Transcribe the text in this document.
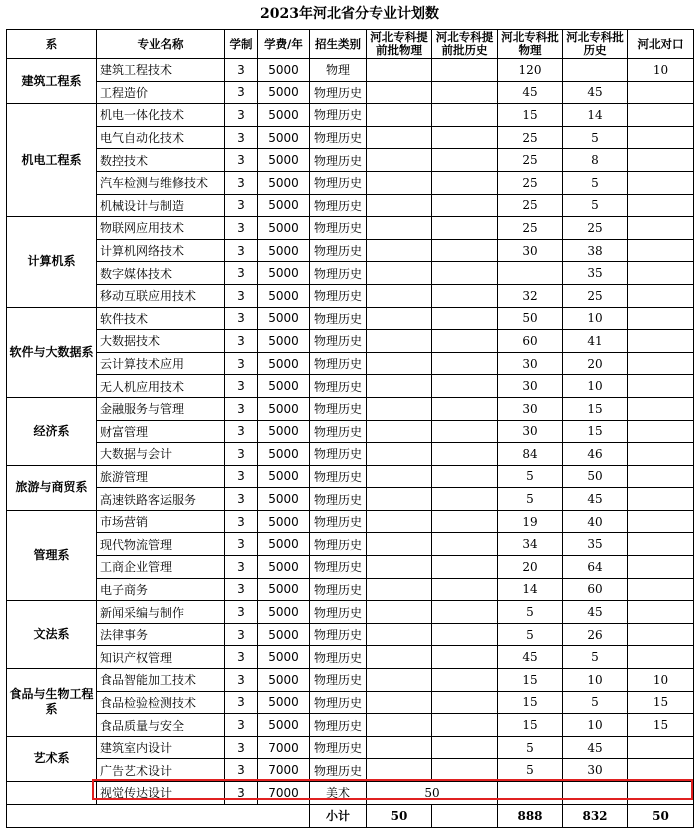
2023年河北省分专业计划数
系	专业名称	学制	学费/年	招生类别	河北专科提前批物理	河北专科提前批历史	河北专科批物理	河北专科批历史	河北对口
建筑工程系	建筑工程技术	3	5000	物理			120		10
	工程造价	3	5000	物理历史			45	45	
机电工程系	机电一体化技术	3	5000	物理历史			15	14	
	电气自动化技术	3	5000	物理历史			25	5	
	数控技术	3	5000	物理历史			25	8	
	汽车检测与维修技术	3	5000	物理历史			25	5	
	机械设计与制造	3	5000	物理历史			25	5	
计算机系	物联网应用技术	3	5000	物理历史			25	25	
	计算机网络技术	3	5000	物理历史			30	38	
	数字媒体技术	3	5000	物理历史				35	
	移动互联应用技术	3	5000	物理历史			32	25	
软件与大数据系	软件技术	3	5000	物理历史			50	10	
	大数据技术	3	5000	物理历史			60	41	
	云计算技术应用	3	5000	物理历史			30	20	
	无人机应用技术	3	5000	物理历史			30	10	
经济系	金融服务与管理	3	5000	物理历史			30	15	
	财富管理	3	5000	物理历史			30	15	
	大数据与会计	3	5000	物理历史			84	46	
旅游与商贸系	旅游管理	3	5000	物理历史			5	50	
	高速铁路客运服务	3	5000	物理历史			5	45	
管理系	市场营销	3	5000	物理历史			19	40	
	现代物流管理	3	5000	物理历史			34	35	
	工商企业管理	3	5000	物理历史			20	64	
	电子商务	3	5000	物理历史			14	60	
文法系	新闻采编与制作	3	5000	物理历史			5	45	
	法律事务	3	5000	物理历史			5	26	
	知识产权管理	3	5000	物理历史			45	5	
食品与生物工程系	食品智能加工技术	3	5000	物理历史			15	10	10
	食品检验检测技术	3	5000	物理历史			15	5	15
	食品质量与安全	3	5000	物理历史			15	10	15
艺术系	建筑室内设计	3	7000	物理历史			5	45	
	广告艺术设计	3	7000	物理历史			5	30	
	视觉传达设计	3	7000	美术	50				
				小计	50		888	832	50
